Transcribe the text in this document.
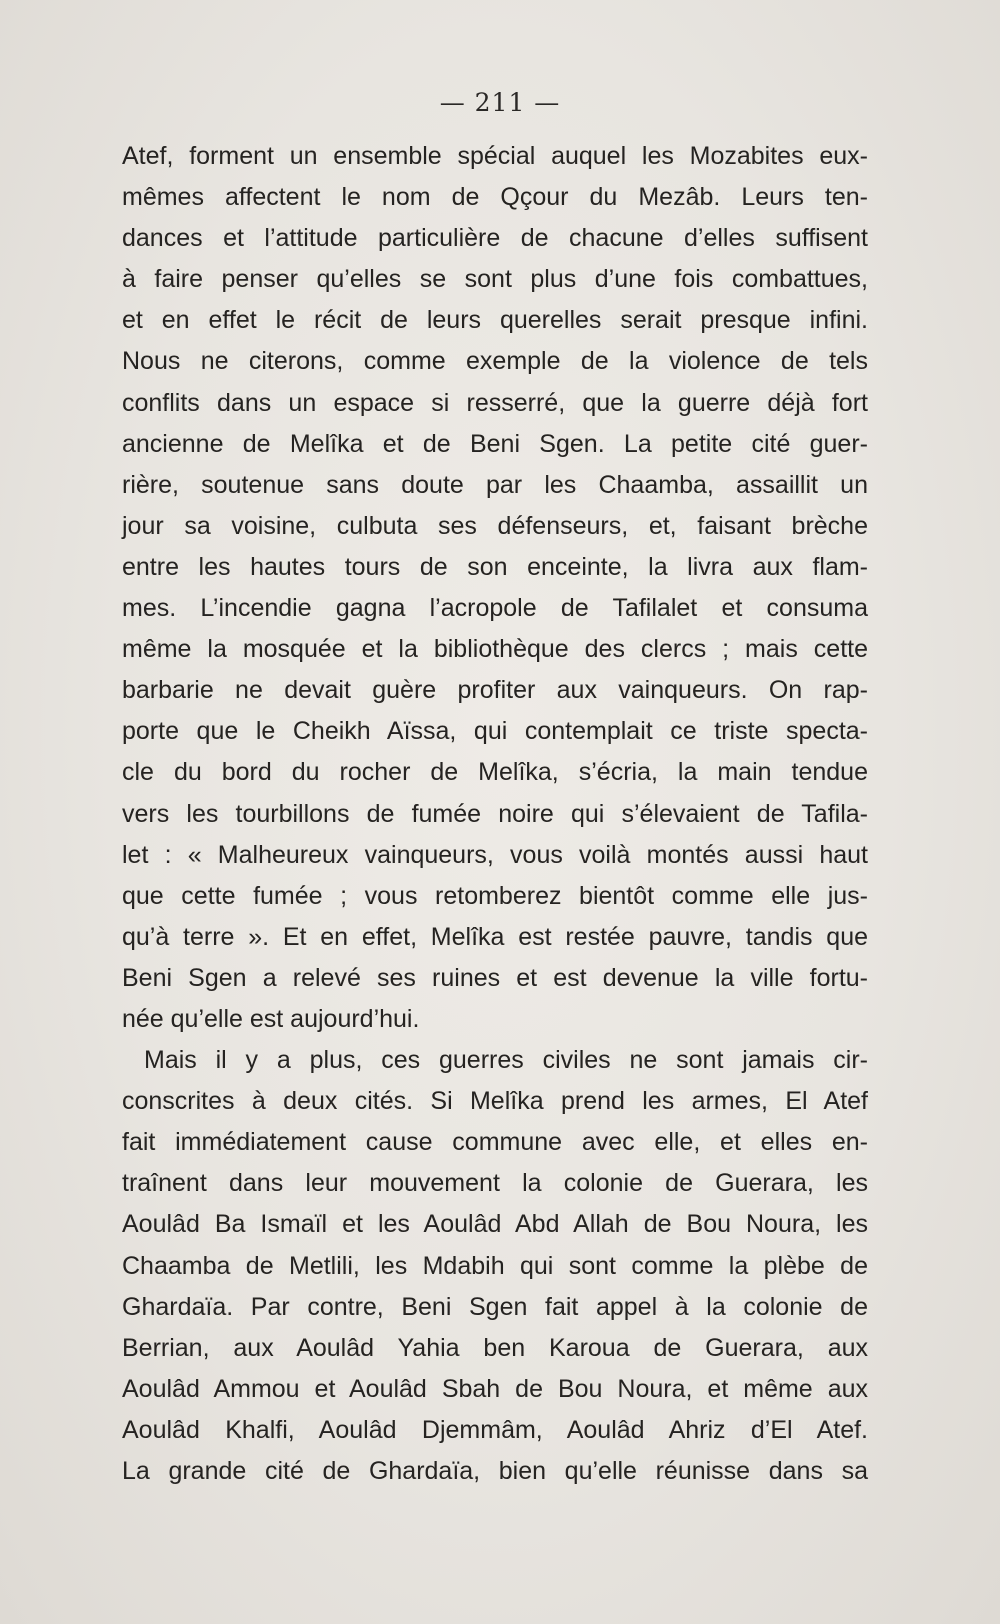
— 211 —
Atef, forment un ensemble spécial auquel les Mozabites eux-
mêmes affectent le nom de Qçour du Mezâb. Leurs ten-
dances et l’attitude particulière de chacune d’elles suffisent
à faire penser qu’elles se sont plus d’une fois combattues,
et en effet le récit de leurs querelles serait presque infini.
Nous ne citerons, comme exemple de la violence de tels
conflits dans un espace si resserré, que la guerre déjà fort
ancienne de Melîka et de Beni Sgen. La petite cité guer-
rière, soutenue sans doute par les Chaamba, assaillit un
jour sa voisine, culbuta ses défenseurs, et, faisant brèche
entre les hautes tours de son enceinte, la livra aux flam-
mes. L’incendie gagna l’acropole de Tafilalet et consuma
même la mosquée et la bibliothèque des clercs ; mais cette
barbarie ne devait guère profiter aux vainqueurs. On rap-
porte que le Cheikh Aïssa, qui contemplait ce triste specta-
cle du bord du rocher de Melîka, s’écria, la main tendue
vers les tourbillons de fumée noire qui s’élevaient de Tafila-
let : « Malheureux vainqueurs, vous voilà montés aussi haut
que cette fumée ; vous retomberez bientôt comme elle jus-
qu’à terre ». Et en effet, Melîka est restée pauvre, tandis que
Beni Sgen a relevé ses ruines et est devenue la ville fortu-
née qu’elle est aujourd’hui.
Mais il y a plus, ces guerres civiles ne sont jamais cir-
conscrites à deux cités. Si Melîka prend les armes, El Atef
fait immédiatement cause commune avec elle, et elles en-
traînent dans leur mouvement la colonie de Guerara, les
Aoulâd Ba Ismaïl et les Aoulâd Abd Allah de Bou Noura, les
Chaamba de Metlili, les Mdabih qui sont comme la plèbe de
Ghardaïa. Par contre, Beni Sgen fait appel à la colonie de
Berrian, aux Aoulâd Yahia ben Karoua de Guerara, aux
Aoulâd Ammou et Aoulâd Sbah de Bou Noura, et même aux
Aoulâd Khalfi, Aoulâd Djemmâm, Aoulâd Ahriz d’El Atef.
La grande cité de Ghardaïa, bien qu’elle réunisse dans sa
